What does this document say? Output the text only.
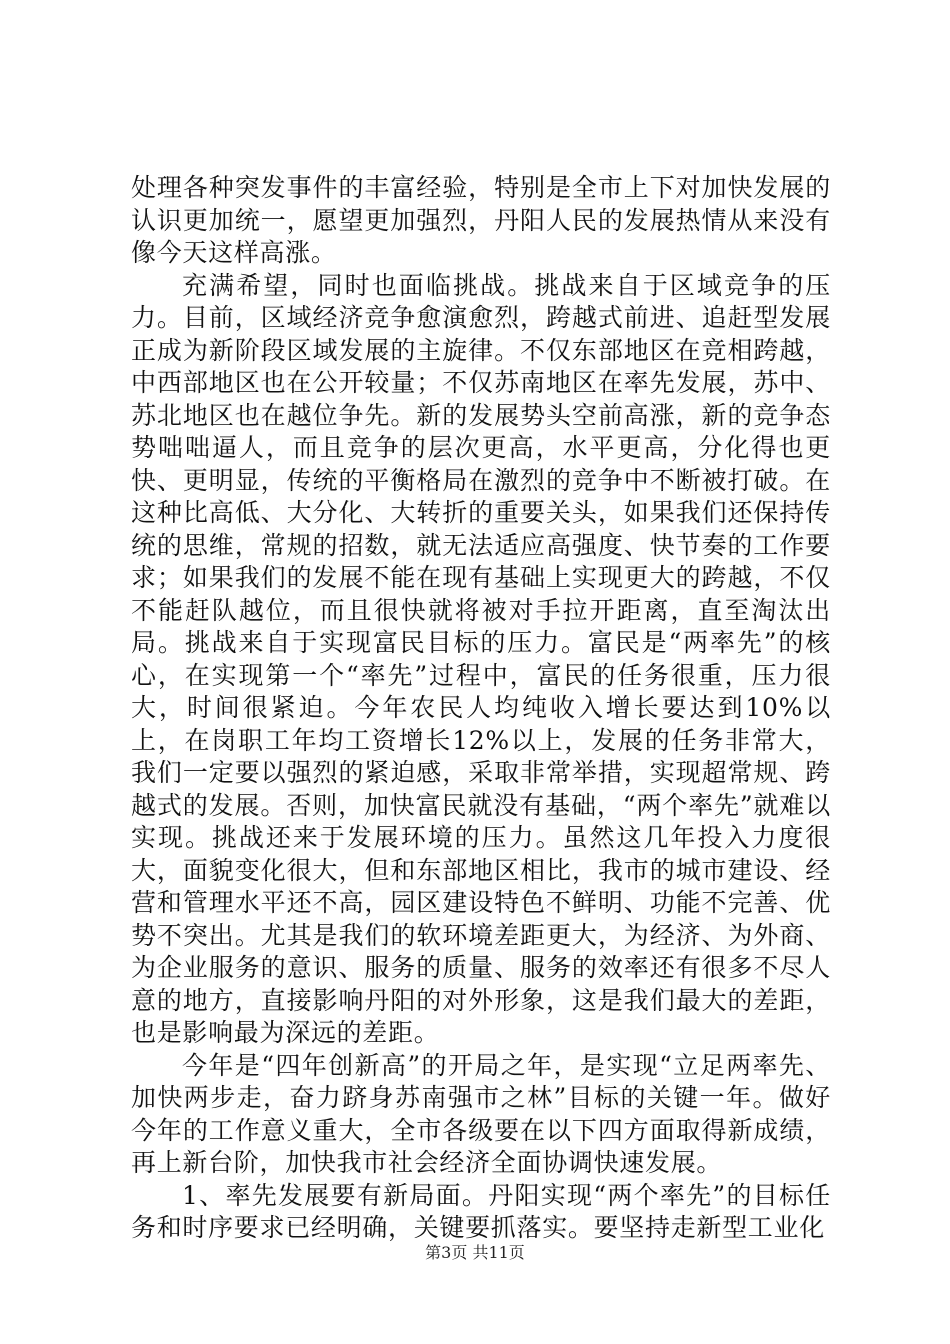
处理各种突发事件的丰富经验，特别是全市上下对加快发展的认识更加统一，愿望更加强烈，丹阳人民的发展热情从来没有像今天这样高涨。

充满希望，同时也面临挑战。挑战来自于区域竞争的压力。目前，区域经济竞争愈演愈烈，跨越式前进、追赶型发展正成为新阶段区域发展的主旋律。不仅东部地区在竞相跨越，中西部地区也在公开较量；不仅苏南地区在率先发展，苏中、苏北地区也在越位争先。新的发展势头空前高涨，新的竞争态势咄咄逼人，而且竞争的层次更高，水平更高，分化得也更快、更明显，传统的平衡格局在激烈的竞争中不断被打破。在这种比高低、大分化、大转折的重要关头，如果我们还保持传统的思维，常规的招数，就无法适应高强度、快节奏的工作要求；如果我们的发展不能在现有基础上实现更大的跨越，不仅不能赶队越位，而且很快就将被对手拉开距离，直至淘汰出局。挑战来自于实现富民目标的压力。富民是“两率先”的核心，在实现第一个“率先”过程中，富民的任务很重，压力很大，时间很紧迫。今年农民人均纯收入增长要达到10%以上，在岗职工年均工资增长12%以上，发展的任务非常大，我们一定要以强烈的紧迫感，采取非常举措，实现超常规、跨越式的发展。否则，加快富民就没有基础，“两个率先”就难以实现。挑战还来于发展环境的压力。虽然这几年投入力度很大，面貌变化很大，但和东部地区相比，我市的城市建设、经营和管理水平还不高，园区建设特色不鲜明、功能不完善、优势不突出。尤其是我们的软环境差距更大，为经济、为外商、为企业服务的意识、服务的质量、服务的效率还有很多不尽人意的地方，直接影响丹阳的对外形象，这是我们最大的差距，也是影响最为深远的差距。

今年是“四年创新高”的开局之年，是实现“立足两率先、加快两步走，奋力跻身苏南强市之林”目标的关键一年。做好今年的工作意义重大，全市各级要在以下四方面取得新成绩，再上新台阶，加快我市社会经济全面协调快速发展。

1、率先发展要有新局面。丹阳实现“两个率先”的目标任务和时序要求已经明确，关键要抓落实。要坚持走新型工业化

第3页 共11页
